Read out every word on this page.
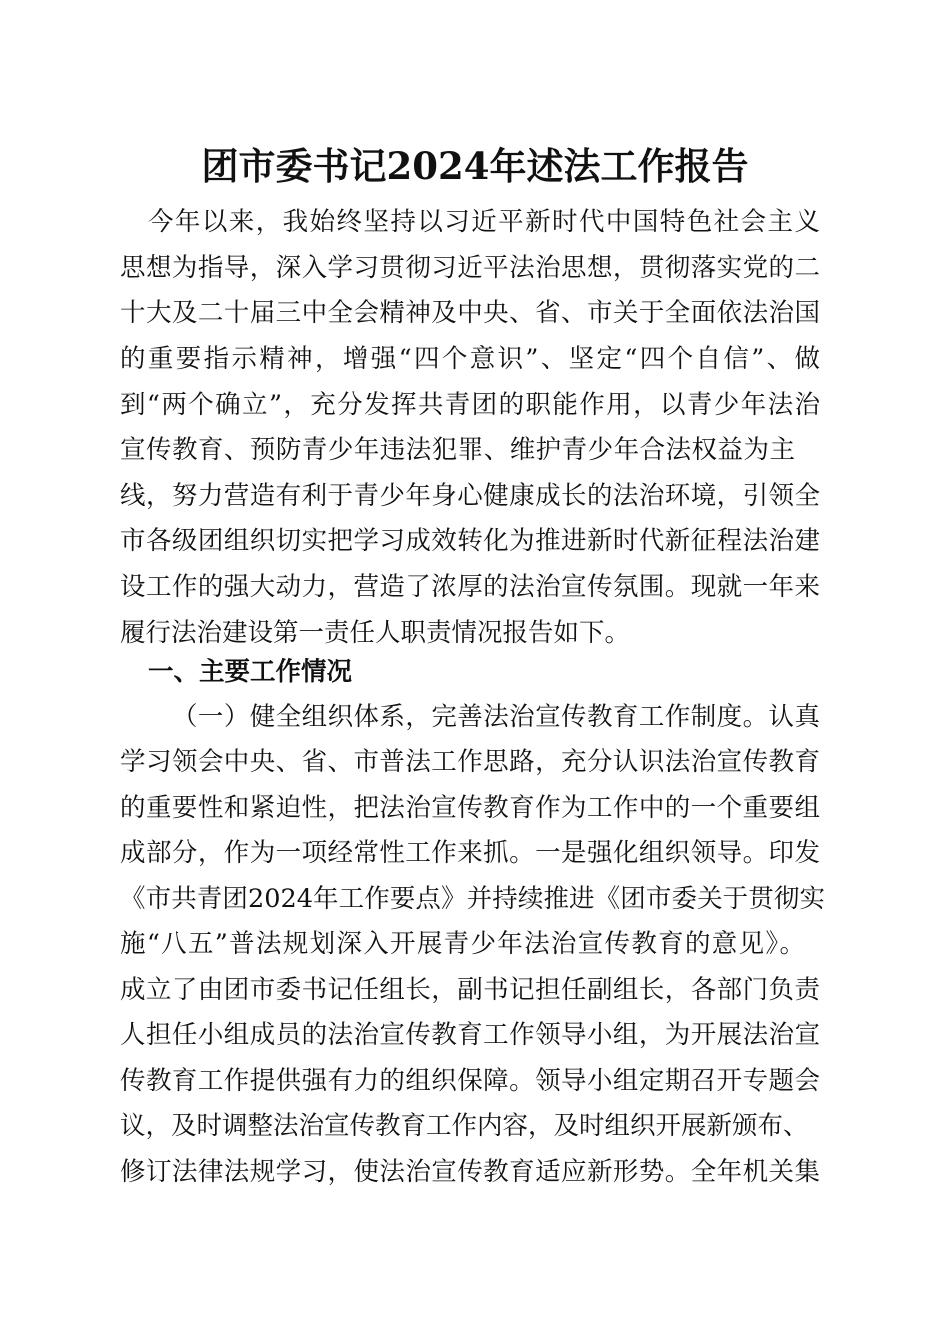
团市委书记2024年述法工作报告
今年以来，我始终坚持以习近平新时代中国特色社会主义
思想为指导，深入学习贯彻习近平法治思想，贯彻落实党的二
十大及二十届三中全会精神及中央、省、市关于全面依法治国
的重要指示精神，增强“四个意识”、坚定“四个自信”、做
到“两个确立”，充分发挥共青团的职能作用，以青少年法治
宣传教育、预防青少年违法犯罪、维护青少年合法权益为主
线，努力营造有利于青少年身心健康成长的法治环境，引领全
市各级团组织切实把学习成效转化为推进新时代新征程法治建
设工作的强大动力，营造了浓厚的法治宣传氛围。现就一年来
履行法治建设第一责任人职责情况报告如下。
一、主要工作情况
（一）健全组织体系，完善法治宣传教育工作制度。认真
学习领会中央、省、市普法工作思路，充分认识法治宣传教育
的重要性和紧迫性，把法治宣传教育作为工作中的一个重要组
成部分，作为一项经常性工作来抓。一是强化组织领导。印发
《市共青团2024年工作要点》并持续推进《团市委关于贯彻实
施“八五”普法规划深入开展青少年法治宣传教育的意见》。
成立了由团市委书记任组长，副书记担任副组长，各部门负责
人担任小组成员的法治宣传教育工作领导小组，为开展法治宣
传教育工作提供强有力的组织保障。领导小组定期召开专题会
议，及时调整法治宣传教育工作内容，及时组织开展新颁布、
修订法律法规学习，使法治宣传教育适应新形势。全年机关集
